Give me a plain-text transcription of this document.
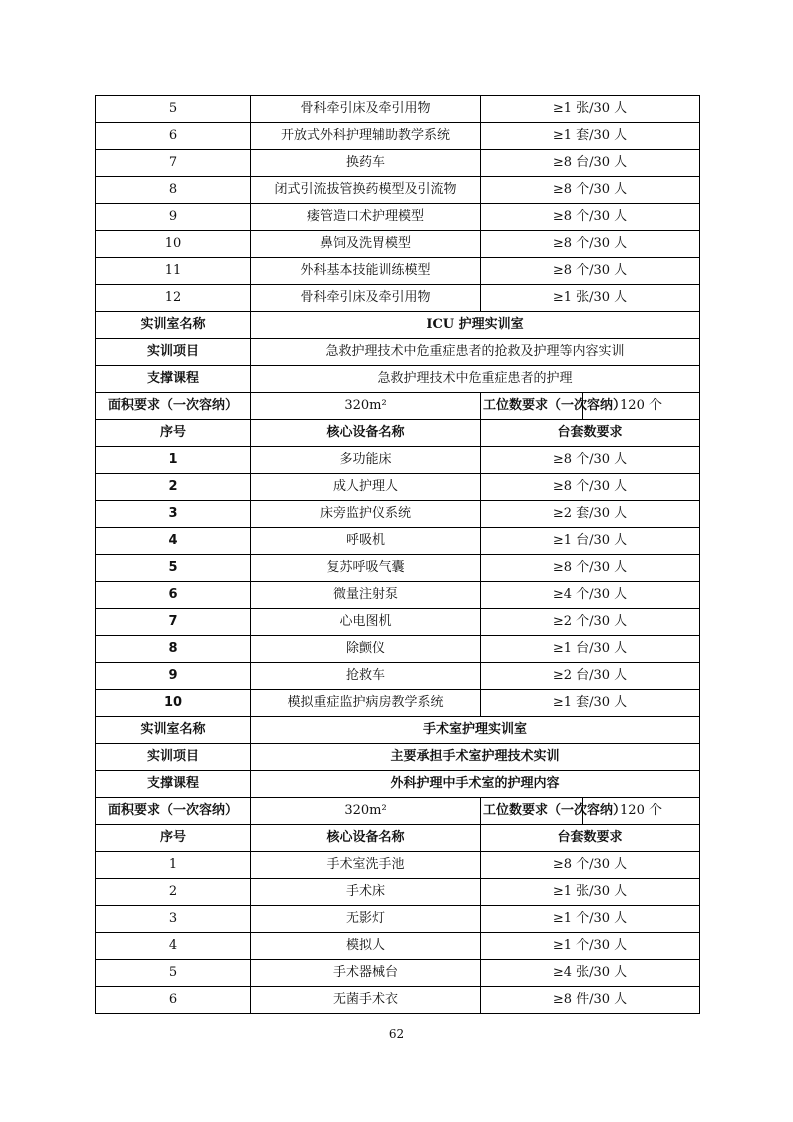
5	骨科牵引床及牵引用物	≥1 张/30 人	
6	开放式外科护理辅助教学系统	≥1 套/30 人	
7	换药车	≥8 台/30 人	
8	闭式引流拔管换药模型及引流物	≥8 个/30 人	
9	瘘管造口术护理模型	≥8 个/30 人	
10	鼻饲及洗胃模型	≥8 个/30 人	
11	外科基本技能训练模型	≥8 个/30 人	
12	骨科牵引床及牵引用物	≥1 张/30 人	
实训室名称	ICU 护理实训室		
实训项目	急救护理技术中危重症患者的抢救及护理等内容实训		
支撑课程	急救护理技术中危重症患者的护理		
面积要求（一次容纳）	320m²	工位数要求（一次容纳）	120 个
序号	核心设备名称	台套数要求	
1	多功能床	≥8 个/30 人	
2	成人护理人	≥8 个/30 人	
3	床旁监护仪系统	≥2 套/30 人	
4	呼吸机	≥1 台/30 人	
5	复苏呼吸气囊	≥8 个/30 人	
6	微量注射泵	≥4 个/30 人	
7	心电图机	≥2 个/30 人	
8	除颤仪	≥1 台/30 人	
9	抢救车	≥2 台/30 人	
10	模拟重症监护病房教学系统	≥1 套/30 人	
实训室名称	手术室护理实训室		
实训项目	主要承担手术室护理技术实训		
支撑课程	外科护理中手术室的护理内容		
面积要求（一次容纳）	320m²	工位数要求（一次容纳）	120 个
序号	核心设备名称	台套数要求	
1	手术室洗手池	≥8 个/30 人	
2	手术床	≥1 张/30 人	
3	无影灯	≥1 个/30 人	
4	模拟人	≥1 个/30 人	
5	手术器械台	≥4 张/30 人	
6	无菌手术衣	≥8 件/30 人	
62
